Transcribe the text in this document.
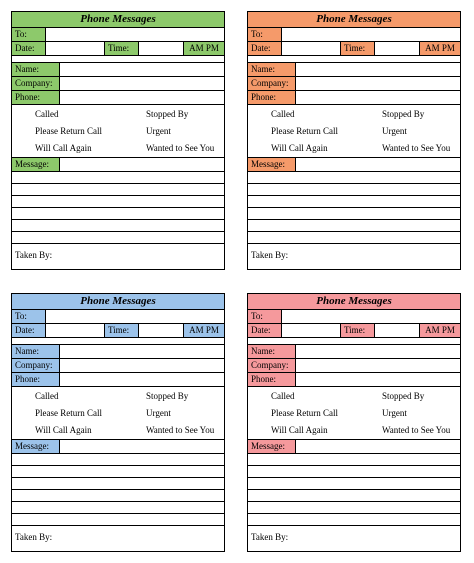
Phone Messages
To:
Date:	Time:	AM PM
Name:
Company:
Phone:
Called	Stopped By
Please Return Call	Urgent
Will Call Again	Wanted to See You
Message:
Taken By:
Phone Messages
To:
Date:	Time:	AM PM
Name:
Company:
Phone:
Called	Stopped By
Please Return Call	Urgent
Will Call Again	Wanted to See You
Message:
Taken By:
Phone Messages
To:
Date:	Time:	AM PM
Name:
Company:
Phone:
Called	Stopped By
Please Return Call	Urgent
Will Call Again	Wanted to See You
Message:
Taken By:
Phone Messages
To:
Date:	Time:	AM PM
Name:
Company:
Phone:
Called	Stopped By
Please Return Call	Urgent
Will Call Again	Wanted to See You
Message:
Taken By:
